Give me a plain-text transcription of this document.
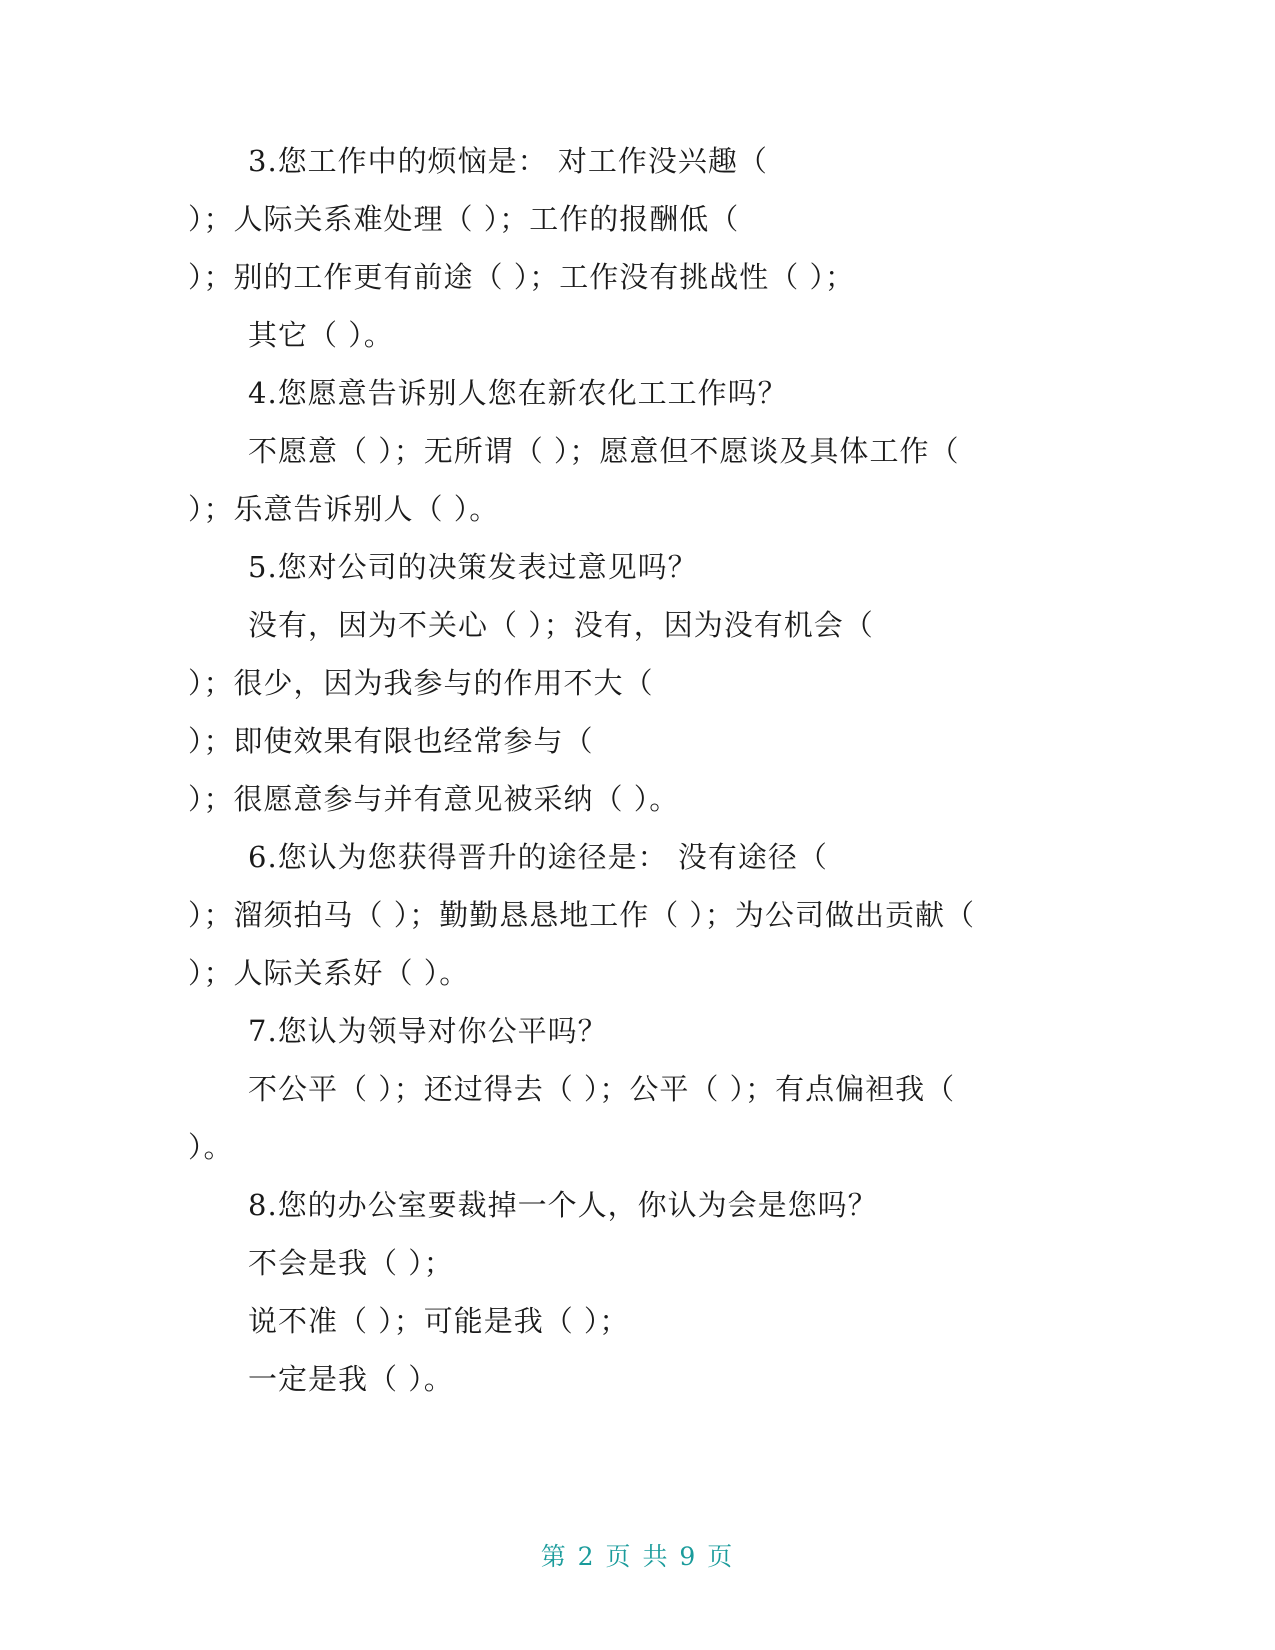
3.您工作中的烦恼是： 对工作没兴趣（
）；人际关系难处理（ ）；工作的报酬低（
）；别的工作更有前途（ ）；工作没有挑战性（ ）；
其它（ ）。
4.您愿意告诉别人您在新农化工工作吗？
不愿意（ ）；无所谓（ ）；愿意但不愿谈及具体工作（
）；乐意告诉别人（ ）。
5.您对公司的决策发表过意见吗？
没有，因为不关心（ ）；没有，因为没有机会（
）；很少，因为我参与的作用不大（
）；即使效果有限也经常参与（
）；很愿意参与并有意见被采纳（ ）。
6.您认为您获得晋升的途径是： 没有途径（
）；溜须拍马（ ）；勤勤恳恳地工作（ ）；为公司做出贡献（
）；人际关系好（ ）。
7.您认为领导对你公平吗？
不公平（ ）；还过得去（ ）；公平（ ）；有点偏袒我（
）。
8.您的办公室要裁掉一个人，你认为会是您吗？
不会是我（ ）；
说不准（ ）；可能是我（ ）；
一定是我（ ）。
第 2 页 共 9 页
